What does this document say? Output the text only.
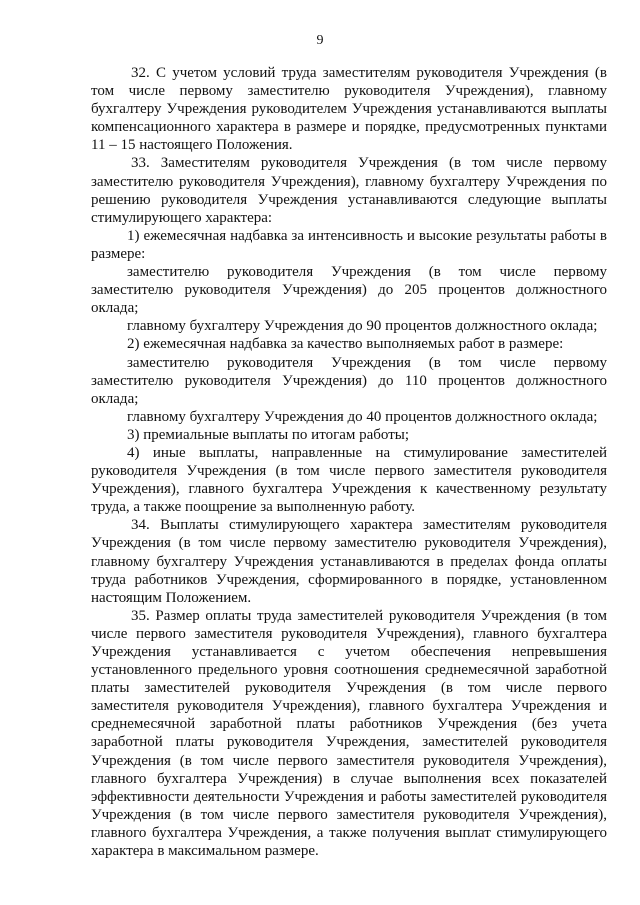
9

32. С учетом условий труда заместителям руководителя Учреждения (в том числе первому заместителю руководителя Учреждения), главному бухгалтеру Учреждения руководителем Учреждения устанавливаются выплаты компенсационного характера в размере и порядке, предусмотренных пунктами 11 – 15 настоящего Положения.

33. Заместителям руководителя Учреждения (в том числе первому заместителю руководителя Учреждения), главному бухгалтеру Учреждения по решению руководителя Учреждения устанавливаются следующие выплаты стимулирующего характера:

1) ежемесячная надбавка за интенсивность и высокие результаты работы в размере:

заместителю руководителя Учреждения (в том числе первому заместителю руководителя Учреждения) до 205 процентов должностного оклада;

главному бухгалтеру Учреждения до 90 процентов должностного оклада;

2) ежемесячная надбавка за качество выполняемых работ в размере:

заместителю руководителя Учреждения (в том числе первому заместителю руководителя Учреждения) до 110 процентов должностного оклада;

главному бухгалтеру Учреждения до 40 процентов должностного оклада;

3) премиальные выплаты по итогам работы;

4) иные выплаты, направленные на стимулирование заместителей руководителя Учреждения (в том числе первого заместителя руководителя Учреждения), главного бухгалтера Учреждения к качественному результату труда, а также поощрение за выполненную работу.

34. Выплаты стимулирующего характера заместителям руководителя Учреждения (в том числе первому заместителю руководителя Учреждения), главному бухгалтеру Учреждения устанавливаются в пределах фонда оплаты труда работников Учреждения, сформированного в порядке, установленном настоящим Положением.

35. Размер оплаты труда заместителей руководителя Учреждения (в том числе первого заместителя руководителя Учреждения), главного бухгалтера Учреждения устанавливается с учетом обеспечения непревышения установленного предельного уровня соотношения среднемесячной заработной платы заместителей руководителя Учреждения (в том числе первого заместителя руководителя Учреждения), главного бухгалтера Учреждения и среднемесячной заработной платы работников Учреждения (без учета заработной платы руководителя Учреждения, заместителей руководителя Учреждения (в том числе первого заместителя руководителя Учреждения), главного бухгалтера Учреждения) в случае выполнения всех показателей эффективности деятельности Учреждения и работы заместителей руководителя Учреждения (в том числе первого заместителя руководителя Учреждения), главного бухгалтера Учреждения, а также получения выплат стимулирующего характера в максимальном размере.
